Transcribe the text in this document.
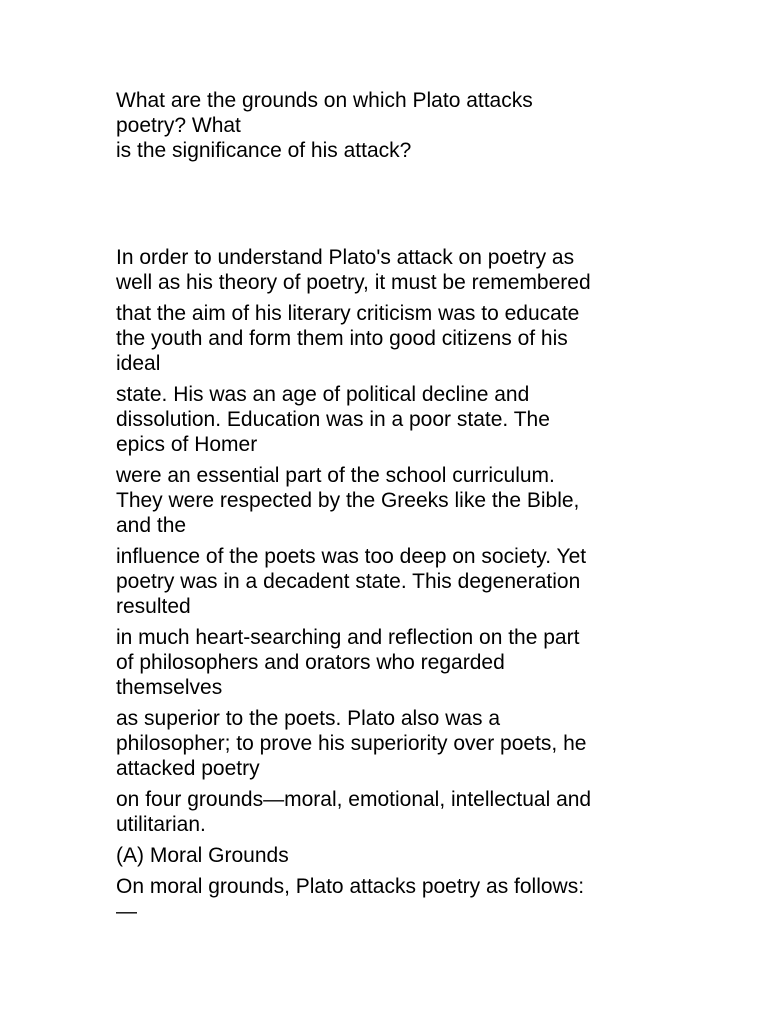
What are the grounds on which Plato attacks
poetry? What
is the significance of his attack?
In order to understand Plato's attack on poetry as
well as his theory of poetry, it must be remembered
that the aim of his literary criticism was to educate
the youth and form them into good citizens of his
ideal
state. His was an age of political decline and
dissolution. Education was in a poor state. The
epics of Homer
were an essential part of the school curriculum.
They were respected by the Greeks like the Bible,
and the
influence of the poets was too deep on society. Yet
poetry was in a decadent state. This degeneration
resulted
in much heart-searching and reflection on the part
of philosophers and orators who regarded
themselves
as superior to the poets. Plato also was a
philosopher; to prove his superiority over poets, he
attacked poetry
on four grounds—moral, emotional, intellectual and
utilitarian.
(A) Moral Grounds
On moral grounds, Plato attacks poetry as follows:
—
